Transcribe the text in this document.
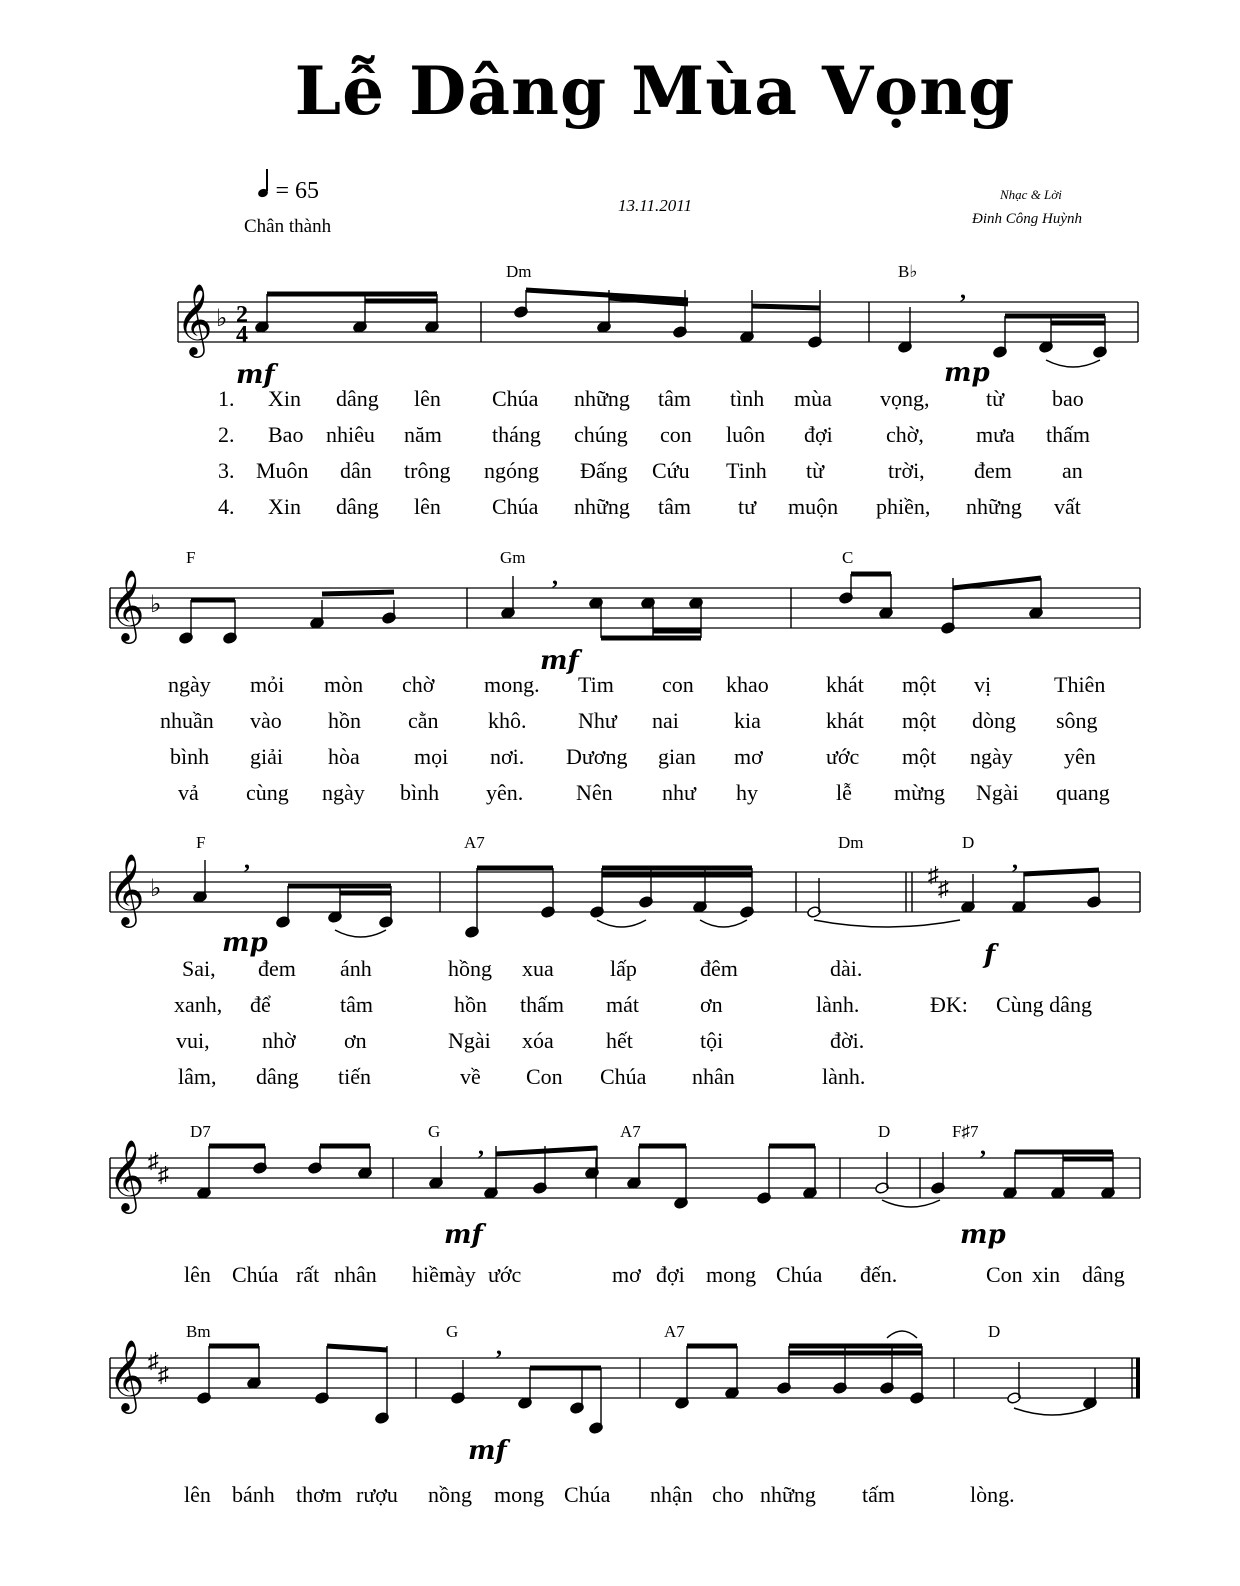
Lễ Dâng Mùa Vọng
= 65
Chân thành
13.11.2011
Nhạc & Lời
Đinh Công Huỳnh
𝄞 ♭ 2
4
,
𝄞 ♭
,
𝄞 ♭
♯
♯
,	,
𝄞 ♯
♯
,	,
𝄞 ♯
♯
,
mf	mp
mf
mp	f
mf	mp
mf
Dm	B♭
F	Gm	C
F	A7	Dm	D
D7	G	A7	D	F♯7
Bm	G	A7	D
1. Xin dâng lên Chúa những tâm tình mùa vọng,	từ bao
2. Bao nhiêu năm tháng chúng con luôn đợi chờ, mưa thấm
3. Muôn dân trông ngóng Đấng Cứu Tinh từ	trời, đem an
4. Xin dâng lên Chúa những tâm tư muộn phiền, những vất
ngày mỏi mòn chờ mong. Tim con khao	khát một vị	Thiên
nhuần vào hồn cằn khô. Như nai	kia	khát một dòng sông
bình giải hòa mọi nơi. Dương gian mơ	ước một ngày yên
vả cùng ngày bình yên. Nên như hy	lễ mừng Ngài quang
Sai, đem ánh	hồng xua	lấp	đêm	dài.
xanh, để	tâm	hồn thấm mát	ơn	lành.	ĐK: Cùng dâng
vui, nhờ ơn	Ngài xóa hết	tội	đời.
lâm, dâng tiến	về Con Chúa nhân	lành.
lên Chúa rất nhân hiền
này ước	mơ đợi mong Chúa đến.	Con xin dâng
lên bánh thơm rượu nồng mong Chúa nhận cho những tấm	lòng.
